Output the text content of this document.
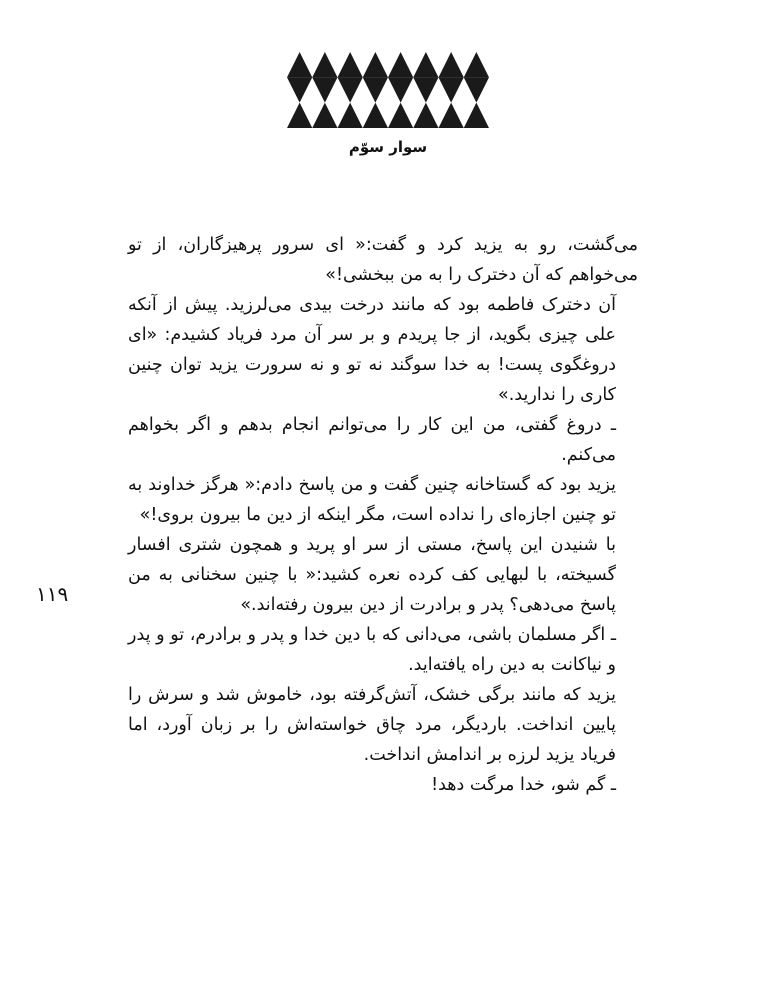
سوار سوّم
۱۱۹

می‌گشت، رو به یزید کرد و گفت:« ای سرور پرهیزگاران، از تو می‌خواهم که آن دخترک را به من ببخشی!»

آن دخترک فاطمه بود که مانند درخت بیدی می‌لرزید. پیش از آنکه علی چیزی بگوید، از جا پریدم و بر سر آن مرد فریاد کشیدم: «ای دروغگوی پست! به خدا سوگند نه تو و نه سرورت یزید توان چنین کاری را ندارید.»

ـ دروغ گفتی، من این کار را می‌توانم انجام بدهم و اگر بخواهم می‌کنم.

یزید بود که گستاخانه چنین گفت و من پاسخ دادم:« هرگز خداوند به تو چنین اجازه‌ای را نداده است، مگر اینکه از دین ما بیرون بروی!»

با شنیدن این پاسخ، مستی از سر او پرید و همچون شتری افسار گسیخته، با لبهایی کف کرده نعره کشید:« با چنین سخنانی به من پاسخ می‌دهی؟ پدر و برادرت از دین بیرون رفته‌اند.»

ـ اگر مسلمان باشی، می‌دانی که با دین خدا و پدر و برادرم، تو و پدر و نیاکانت به دین راه یافته‌اید.

یزید که مانند برگی خشک، آتش‌گرفته بود، خاموش شد و سرش را پایین انداخت. باردیگر، مرد چاق خواسته‌اش را بر زبان آورد، اما فریاد یزید لرزه بر اندامش انداخت.

ـ گم شو، خدا مرگت دهد!
